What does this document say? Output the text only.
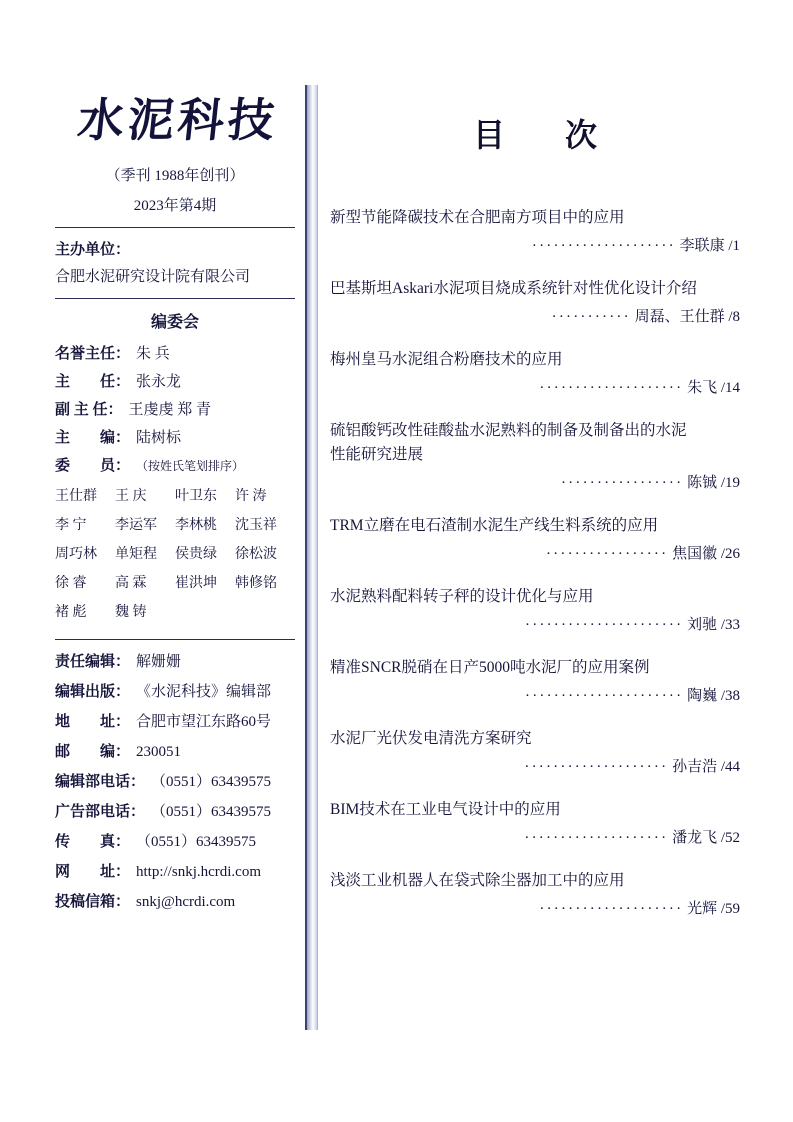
水泥科技
（季刊 1988年创刊）
2023年第4期
主办单位：
合肥水泥研究设计院有限公司
编委会
名誉主任： 朱 兵
主　　任： 张永龙
副 主 任： 王虔虔 郑 青
主　　编： 陆树标
委　　员： （按姓氏笔划排序）
王仕群	王 庆	叶卫东	许 涛
李 宁	李运军	李林桃	沈玉祥
周巧林	单矩程	侯贵绿	徐松波
徐 睿	高 霖	崔洪坤	韩修铭
褚 彪	魏 铸
责任编辑： 解姗姗
编辑出版： 《水泥科技》编辑部
地　　址： 合肥市望江东路60号
邮　　编： 230051
编辑部电话： （0551）63439575
广告部电话： （0551）63439575
传　　真： （0551）63439575
网　　址： http://snkj.hcrdi.com
投稿信箱： snkj@hcrdi.com
目　次
新型节能降碳技术在合肥南方项目中的应用
···················· 李联康 /1
巴基斯坦Askari水泥项目烧成系统针对性优化设计介绍
··········· 周磊、王仕群 /8
梅州皇马水泥组合粉磨技术的应用
···················· 朱飞 /14
硫铝酸钙改性硅酸盐水泥熟料的制备及制备出的水泥
性能研究进展
················· 陈铖 /19
TRM立磨在电石渣制水泥生产线生料系统的应用
················· 焦国徽 /26
水泥熟料配料转子秤的设计优化与应用
······················ 刘驰 /33
精准SNCR脱硝在日产5000吨水泥厂的应用案例
······················ 陶巍 /38
水泥厂光伏发电清洗方案研究
···················· 孙吉浩 /44
BIM技术在工业电气设计中的应用
···················· 潘龙飞 /52
浅淡工业机器人在袋式除尘器加工中的应用
···················· 光辉 /59
